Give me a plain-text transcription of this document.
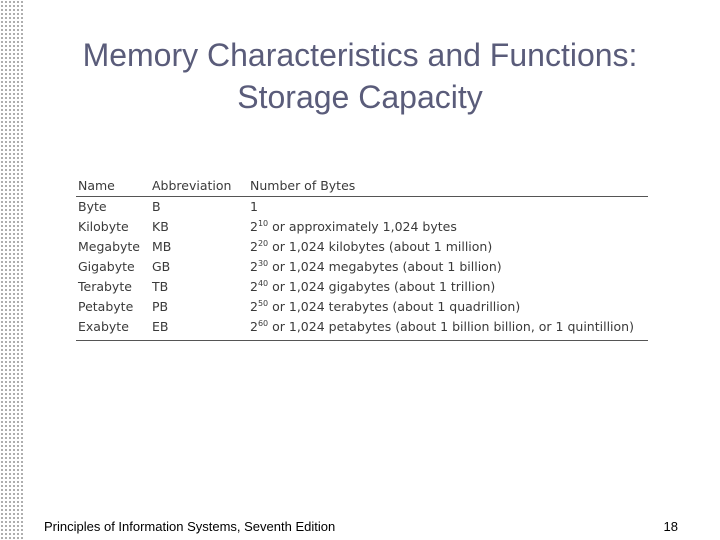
Memory Characteristics and Functions:
Storage Capacity
Name	Abbreviation	Number of Bytes
Byte	B	1
Kilobyte	KB	$2^{10}$ or approximately 1,024 bytes
Megabyte	MB	$2^{20}$ or 1,024 kilobytes (about 1 million)
Gigabyte	GB	$2^{30}$ or 1,024 megabytes (about 1 billion)
Terabyte	TB	$2^{40}$ or 1,024 gigabytes (about 1 trillion)
Petabyte	PB	$2^{50}$ or 1,024 terabytes (about 1 quadrillion)
Exabyte	EB	$2^{60}$ or 1,024 petabytes (about 1 billion billion, or 1 quintillion)
Principles of Information Systems, Seventh Edition	18
